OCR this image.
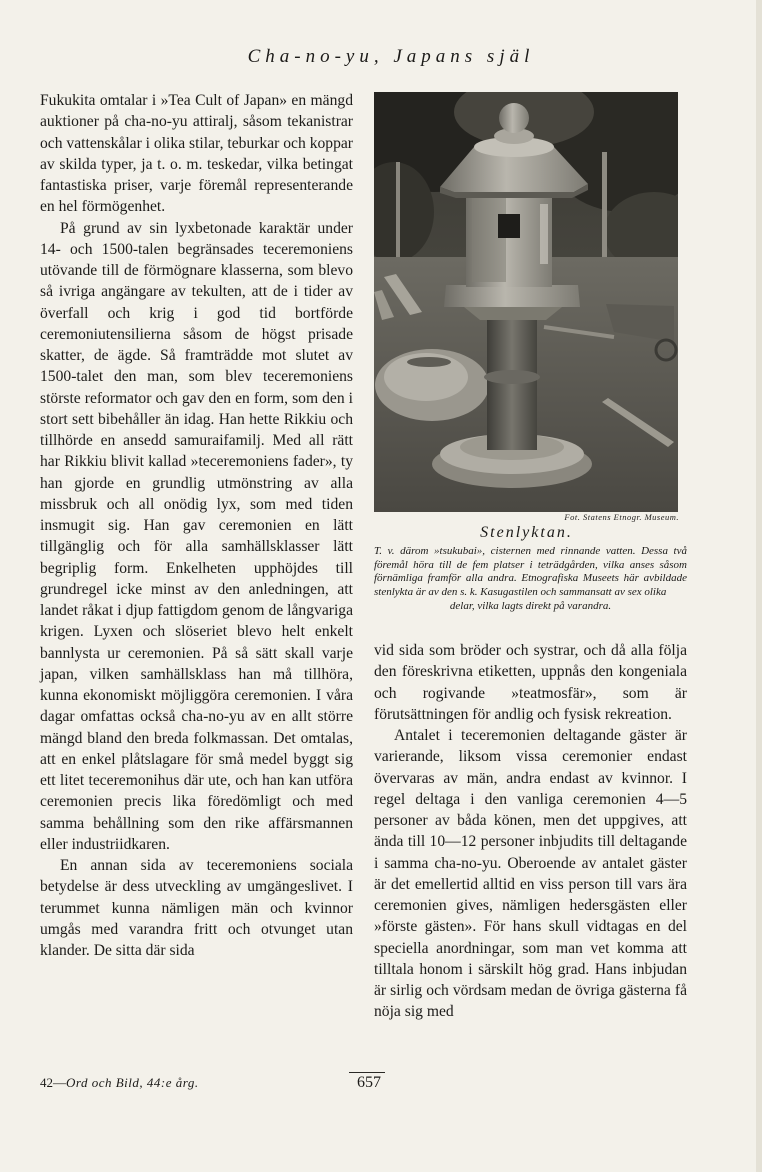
Cha-no-yu, Japans själ

Fukukita omtalar i »Tea Cult of Japan» en mängd auktioner på cha-no-yu attiralj, såsom tekanistrar och vattenskålar i olika stilar, teburkar och koppar av skilda typer, ja t. o. m. teskedar, vilka betingat fantastiska priser, varje föremål representerande en hel förmögenhet.

På grund av sin lyxbetonade karaktär under 14- och 1500-talen begränsades teceremoniens utövande till de förmögnare klasserna, som blevo så ivriga angängare av tekulten, att de i tider av överfall och krig i god tid bortförde ceremoniutensilierna såsom de högst prisade skatter, de ägde. Så framträdde mot slutet av 1500-talet den man, som blev teceremoniens störste reformator och gav den en form, som den i stort sett bibehåller än idag. Han hette Rikkiu och tillhörde en ansedd samuraifamilj. Med all rätt har Rikkiu blivit kallad »teceremoniens fader», ty han gjorde en grundlig utmönstring av alla missbruk och all onödig lyx, som med tiden insmugit sig. Han gav ceremonien en lätt tillgänglig och för alla samhällsklasser lätt begriplig form. Enkelheten upphöjdes till grundregel icke minst av den anledningen, att landet råkat i djup fattigdom genom de långvariga krigen. Lyxen och slöseriet blevo helt enkelt bannlysta ur ceremonien. På så sätt skall varje japan, vilken samhällsklass han må tillhöra, kunna ekonomiskt möjliggöra ceremonien. I våra dagar omfattas också cha-no-yu av en allt större mängd bland den breda folkmassan. Det omtalas, att en enkel plåtslagare för små medel byggt sig ett litet teceremonihus där ute, och han kan utföra ceremonien precis lika föredömligt och med samma behållning som den rike affärsmannen eller industriidkaren.

En annan sida av teceremoniens sociala betydelse är dess utveckling av umgängeslivet. I terummet kunna nämligen män och kvinnor umgås med varandra fritt och otvunget utan klander. De sitta där sida

Fot. Statens Etnogr. Museum.
Stenlyktan.
T. v. därom »tsukubai», cisternen med rinnande vatten. Dessa två föremål höra till de fem platser i teträdgården, vilka anses såsom förnämliga framför alla andra. Etnografiska Museets här avbildade stenlykta är av den s. k. Kasugastilen och sammansatt av sex olika
delar, vilka lagts direkt på varandra.

vid sida som bröder och systrar, och då alla följa den föreskrivna etiketten, uppnås den kongeniala och rogivande »teatmosfär», som är förutsättningen för andlig och fysisk rekreation.

Antalet i teceremonien deltagande gäster är varierande, liksom vissa ceremonier endast övervaras av män, andra endast av kvinnor. I regel deltaga i den vanliga ceremonien 4—5 personer av båda könen, men det uppgives, att ända till 10—12 personer inbjudits till deltagande i samma cha-no-yu. Oberoende av antalet gäster är det emellertid alltid en viss person till vars ära ceremonien gives, nämligen hedersgästen eller »förste gästen». För hans skull vidtagas en del speciella anordningar, som man vet komma att tilltala honom i särskilt hög grad. Hans inbjudan är sirlig och vördsam medan de övriga gästerna få nöja sig med

42—Ord och Bild, 44:e årg.	657
